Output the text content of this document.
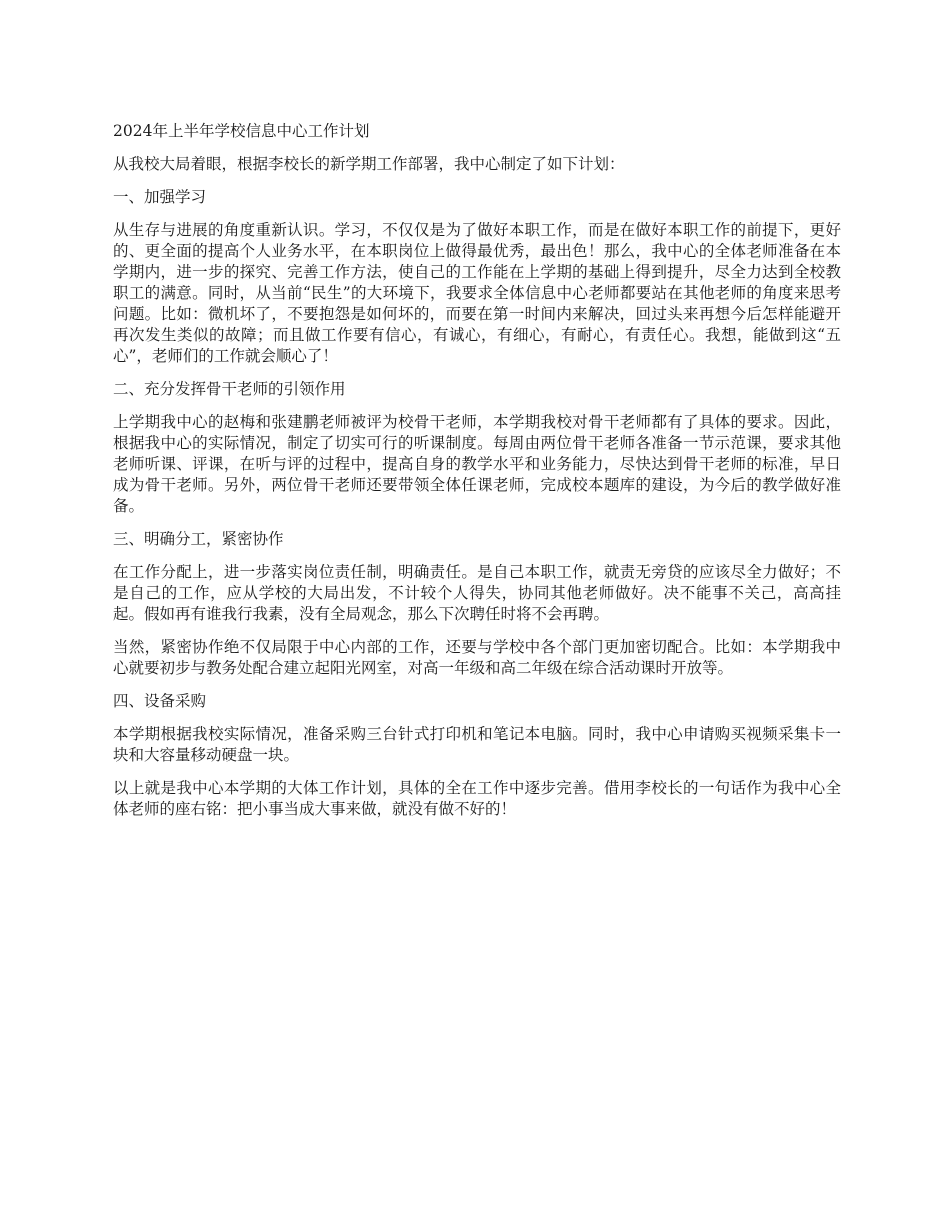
2024年上半年学校信息中心工作计划

从我校大局着眼，根据李校长的新学期工作部署，我中心制定了如下计划：

一、加强学习

从生存与进展的角度重新认识。学习，不仅仅是为了做好本职工作，而是在做好本职工作的前提下，更好的、更全面的提高个人业务水平，在本职岗位上做得最优秀，最出色！那么，我中心的全体老师准备在本学期内，进一步的探究、完善工作方法，使自己的工作能在上学期的基础上得到提升，尽全力达到全校教职工的满意。同时，从当前“民生”的大环境下，我要求全体信息中心老师都要站在其他老师的角度来思考问题。比如：微机坏了，不要抱怨是如何坏的，而要在第一时间内来解决，回过头来再想今后怎样能避开再次发生类似的故障；而且做工作要有信心，有诚心，有细心，有耐心，有责任心。我想，能做到这“五心”，老师们的工作就会顺心了！

二、充分发挥骨干老师的引领作用

上学期我中心的赵梅和张建鹏老师被评为校骨干老师，本学期我校对骨干老师都有了具体的要求。因此，根据我中心的实际情况，制定了切实可行的听课制度。每周由两位骨干老师各准备一节示范课，要求其他老师听课、评课，在听与评的过程中，提高自身的教学水平和业务能力，尽快达到骨干老师的标准，早日成为骨干老师。另外，两位骨干老师还要带领全体任课老师，完成校本题库的建设，为今后的教学做好准备。

三、明确分工，紧密协作

在工作分配上，进一步落实岗位责任制，明确责任。是自己本职工作，就责无旁贷的应该尽全力做好；不是自己的工作，应从学校的大局出发，不计较个人得失，协同其他老师做好。决不能事不关己，高高挂起。假如再有谁我行我素，没有全局观念，那么下次聘任时将不会再聘。

当然，紧密协作绝不仅局限于中心内部的工作，还要与学校中各个部门更加密切配合。比如：本学期我中心就要初步与教务处配合建立起阳光网室，对高一年级和高二年级在综合活动课时开放等。

四、设备采购

本学期根据我校实际情况，准备采购三台针式打印机和笔记本电脑。同时，我中心申请购买视频采集卡一块和大容量移动硬盘一块。

以上就是我中心本学期的大体工作计划，具体的全在工作中逐步完善。借用李校长的一句话作为我中心全体老师的座右铭：把小事当成大事来做，就没有做不好的！
